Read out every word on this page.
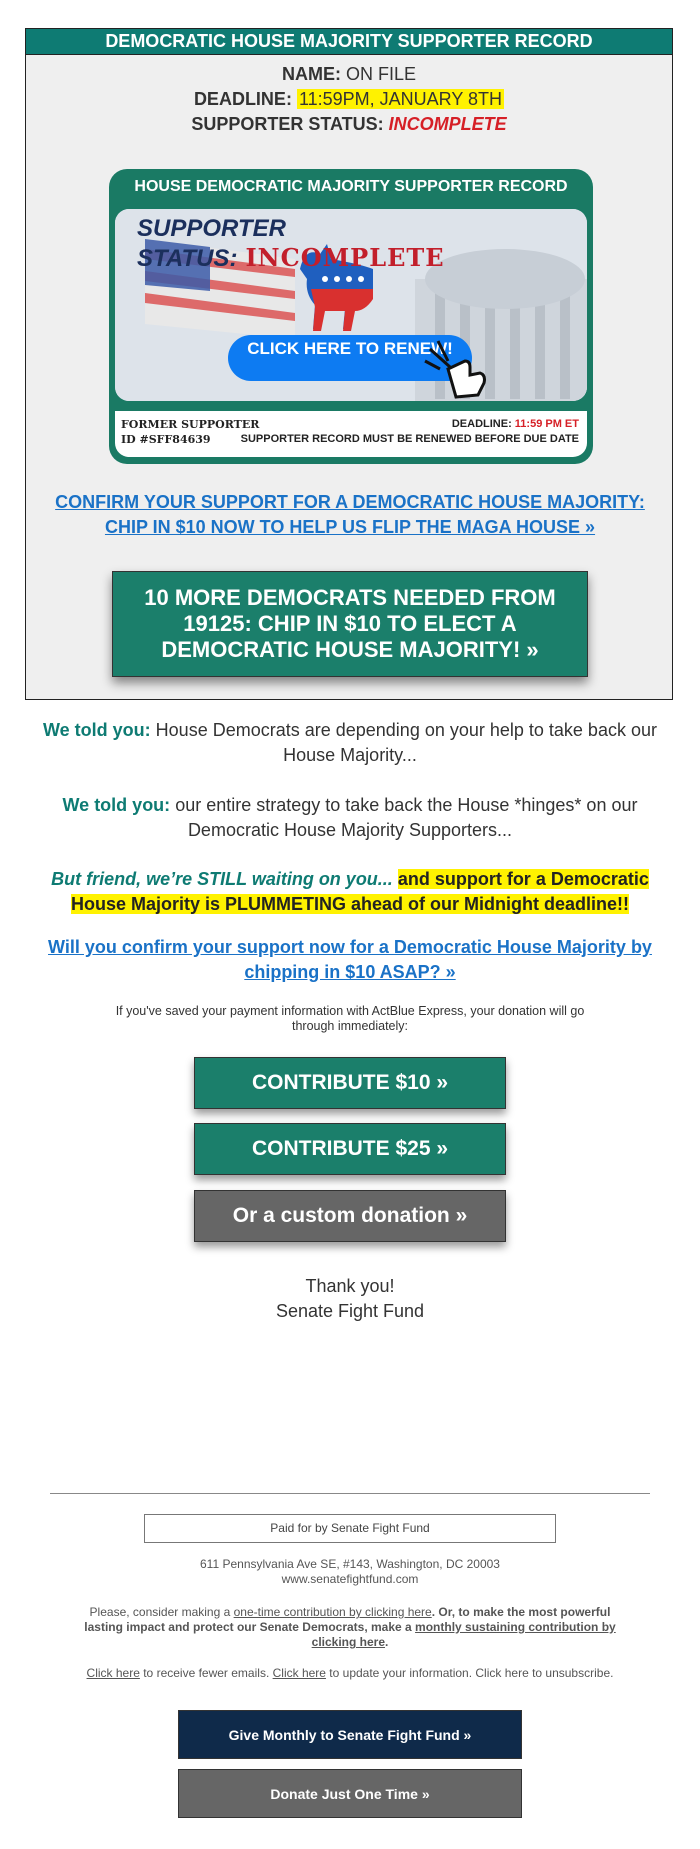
DEMOCRATIC HOUSE MAJORITY SUPPORTER RECORD
NAME: ON FILE
DEADLINE: 11:59PM, JANUARY 8TH
SUPPORTER STATUS: INCOMPLETE
HOUSE DEMOCRATIC MAJORITY SUPPORTER RECORD
SUPPORTER STATUS: INCOMPLETE
CLICK HERE TO RENEW!
FORMER SUPPORTER
ID #SFF84639
DEADLINE: 11:59 PM ET
SUPPORTER RECORD MUST BE RENEWED BEFORE DUE DATE
CONFIRM YOUR SUPPORT FOR A DEMOCRATIC HOUSE MAJORITY: CHIP IN $10 NOW TO HELP US FLIP THE MAGA HOUSE »
10 MORE DEMOCRATS NEEDED FROM 19125: CHIP IN $10 TO ELECT A DEMOCRATIC HOUSE MAJORITY! »
We told you: House Democrats are depending on your help to take back our House Majority...
We told you: our entire strategy to take back the House *hinges* on our Democratic House Majority Supporters...
But friend, we’re STILL waiting on you... and support for a Democratic House Majority is PLUMMETING ahead of our Midnight deadline!!
Will you confirm your support now for a Democratic House Majority by chipping in $10 ASAP? »
If you've saved your payment information with ActBlue Express, your donation will go through immediately:
CONTRIBUTE $10 »
CONTRIBUTE $25 »
Or a custom donation »
Thank you!
Senate Fight Fund
Paid for by Senate Fight Fund
611 Pennsylvania Ave SE, #143, Washington, DC 20003
www.senatefightfund.com
Please, consider making a one-time contribution by clicking here. Or, to make the most powerful lasting impact and protect our Senate Democrats, make a monthly sustaining contribution by clicking here.
Click here to receive fewer emails. Click here to update your information. Click here to unsubscribe.
Give Monthly to Senate Fight Fund »
Donate Just One Time »
